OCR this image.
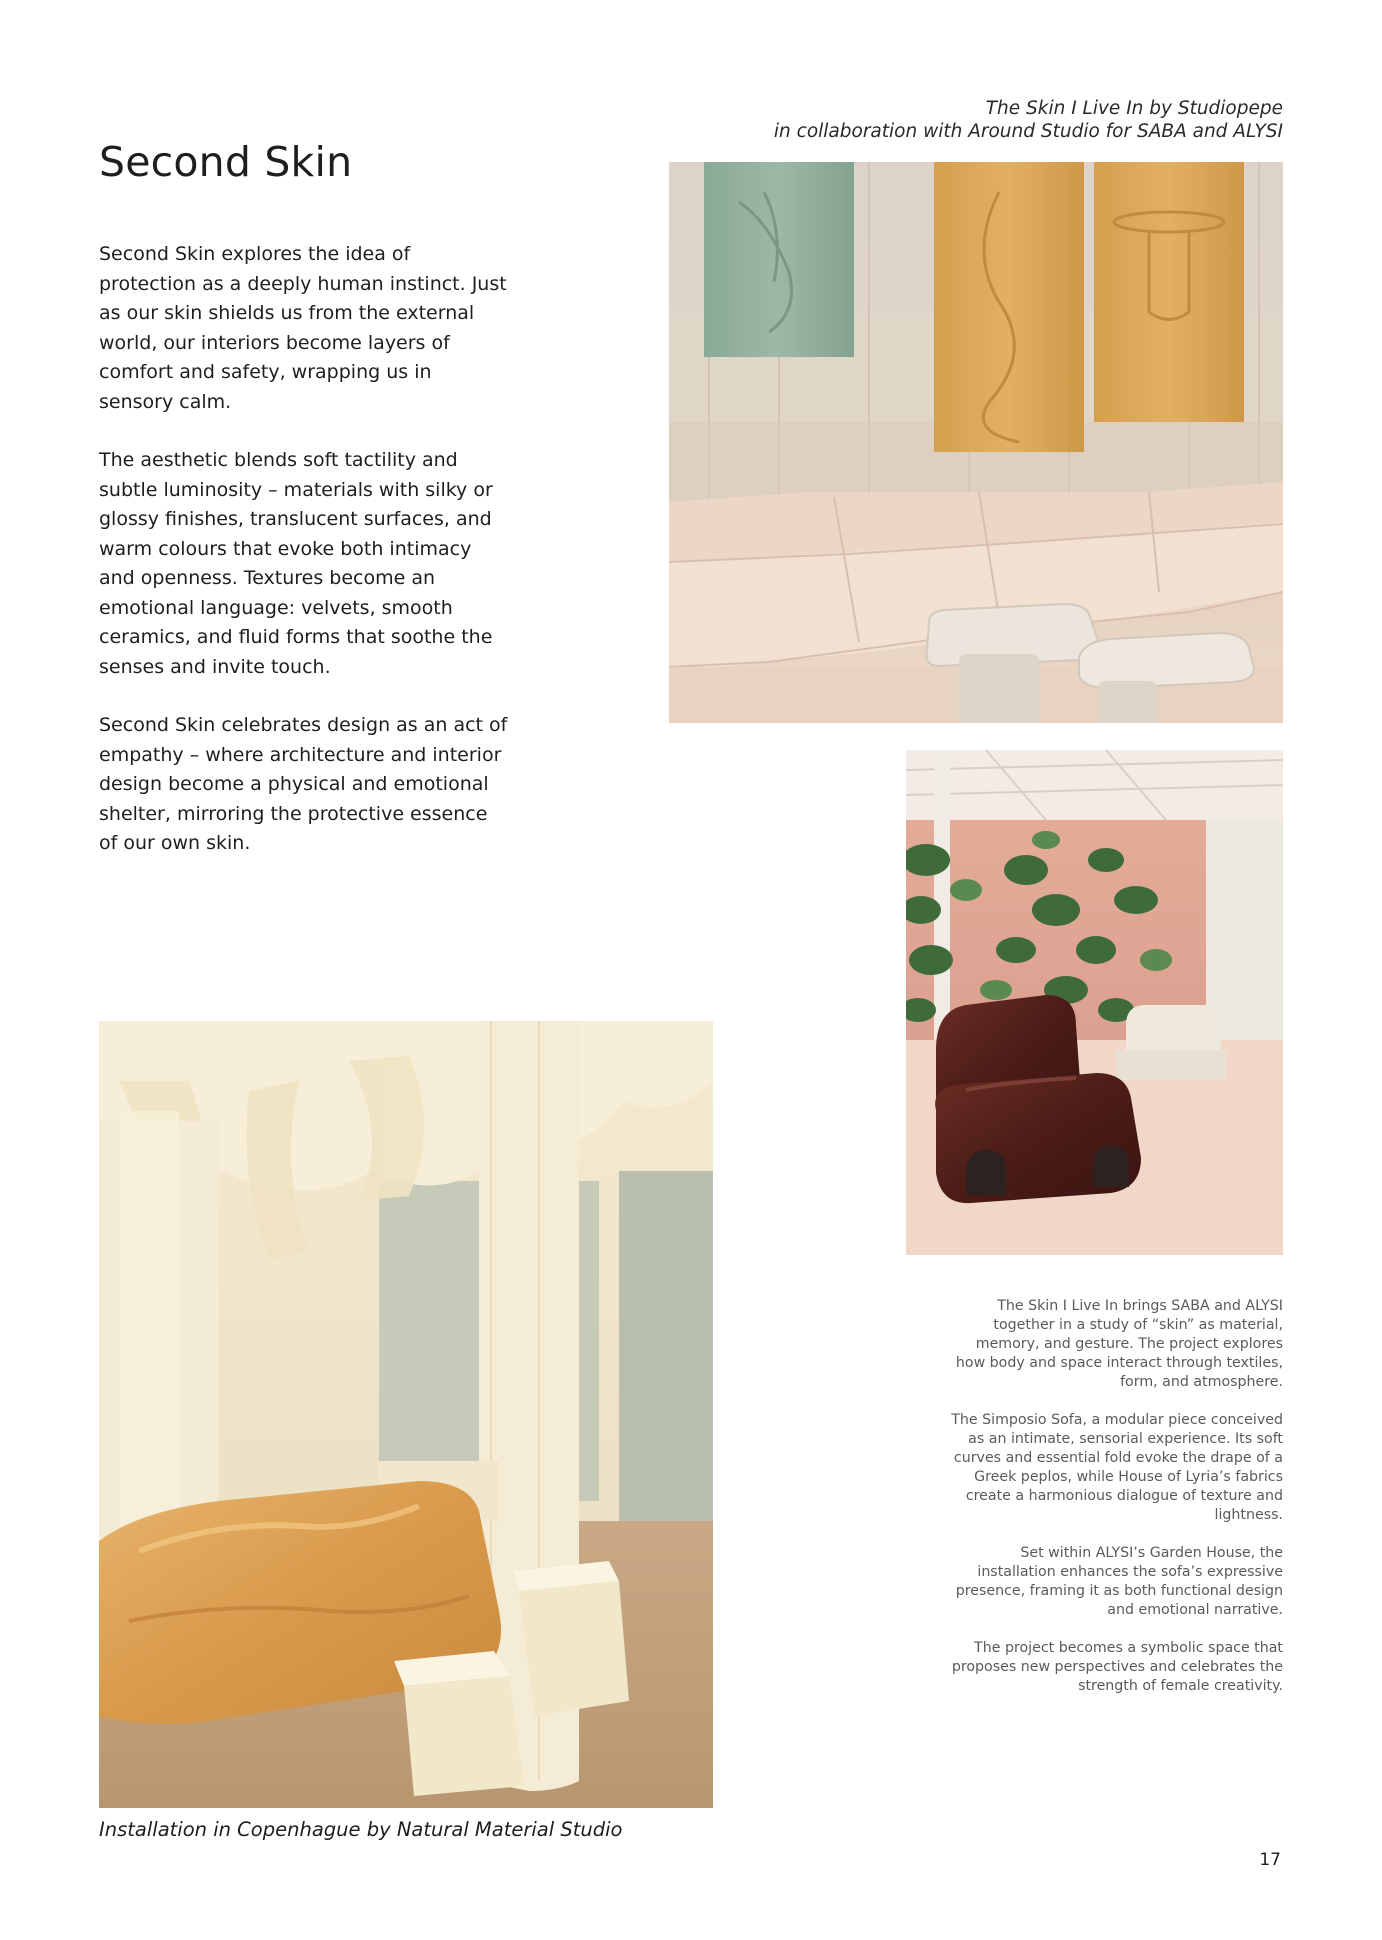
The Skin I Live In by Studiopepe
in collaboration with Around Studio for SABA and ALYSI
Second Skin

Second Skin explores the idea of protection as a deeply human instinct. Just as our skin shields us from the external world, our interiors become layers of comfort and safety, wrapping us in sensory calm.

The aesthetic blends soft tactility and subtle luminosity – materials with silky or glossy finishes, translucent surfaces, and warm colours that evoke both intimacy and openness. Textures become an emotional language: velvets, smooth ceramics, and fluid forms that soothe the senses and invite touch.

Second Skin celebrates design as an act of empathy – where architecture and interior design become a physical and emotional shelter, mirroring the protective essence of our own skin.

The Skin I Live In brings SABA and ALYSI together in a study of “skin” as material, memory, and gesture. The project explores how body and space interact through textiles, form, and atmosphere.

The Simposio Sofa, a modular piece conceived as an intimate, sensorial experience. Its soft curves and essential fold evoke the drape of a Greek peplos, while House of Lyria’s fabrics create a harmonious dialogue of texture and lightness.

Set within ALYSI’s Garden House, the installation enhances the sofa’s expressive presence, framing it as both functional design and emotional narrative.

The project becomes a symbolic space that proposes new perspectives and celebrates the strength of female creativity.

Installation in Copenhague by Natural Material Studio
17
